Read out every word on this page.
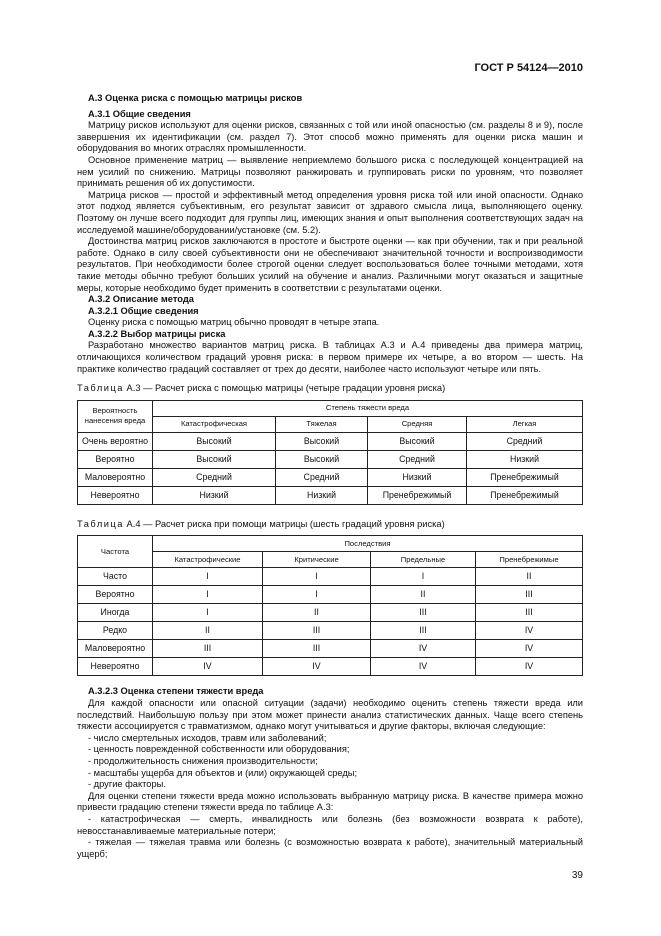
ГОСТ Р 54124—2010
А.3 Оценка риска с помощью матрицы рисков
А.3.1 Общие сведения

Матрицу рисков используют для оценки рисков, связанных с той или иной опасностью (см. разделы 8 и 9), после завершения их идентификации (см. раздел 7). Этот способ можно применять для оценки риска машин и оборудования во многих отраслях промышленности.

Основное применение матриц — выявление неприемлемо большого риска с последующей концентрацией на нем усилий по снижению. Матрицы позволяют ранжировать и группировать риски по уровням, что позволяет принимать решения об их допустимости.

Матрица рисков — простой и эффективный метод определения уровня риска той или иной опасности. Однако этот подход является субъективным, его результат зависит от здравого смысла лица, выполняющего оценку. Поэтому он лучше всего подходит для группы лиц, имеющих знания и опыт выполнения соответствующих задач на исследуемой машине/оборудовании/установке (см. 5.2).

Достоинства матриц рисков заключаются в простоте и быстроте оценки — как при обучении, так и при реальной работе. Однако в силу своей субъективности они не обеспечивают значительной точности и воспроизводимости результатов. При необходимости более строгой оценки следует воспользоваться более точными методами, хотя такие методы обычно требуют больших усилий на обучение и анализ. Различными могут оказаться и защитные меры, которые необходимо будет применить в соответствии с результатами оценки.

А.3.2 Описание метода
А.3.2.1 Общие сведения

Оценку риска с помощью матриц обычно проводят в четыре этапа.

А.3.2.2 Выбор матрицы риска

Разработано множество вариантов матриц риска. В таблицах А.3 и А.4 приведены два примера матриц, отличающихся количеством градаций уровня риска: в первом примере их четыре, а во втором — шесть. На практике количество градаций составляет от трех до десяти, наиболее часто используют четыре или пять.

Таблица А.3 — Расчет риска с помощью матрицы (четыре градации уровня риска)
Вероятность нанесения вреда	Степень тяжести вреда			
	Катастрофическая	Тяжелая	Средняя	Легкая
Очень вероятно	Высокий	Высокий	Высокий	Средний
Вероятно	Высокий	Высокий	Средний	Низкий
Маловероятно	Средний	Средний	Низкий	Пренебрежимый
Невероятно	Низкий	Низкий	Пренебрежимый	Пренебрежимый
Таблица А.4 — Расчет риска при помощи матрицы (шесть градаций уровня риска)
Частота	Последствия			
	Катастрофические	Критические	Предельные	Пренебрежимые
Часто	I	I	I	II
Вероятно	I	I	II	III
Иногда	I	II	III	III
Редко	II	III	III	IV
Маловероятно	III	III	IV	IV
Невероятно	IV	IV	IV	IV
А.3.2.3 Оценка степени тяжести вреда

Для каждой опасности или опасной ситуации (задачи) необходимо оценить степень тяжести вреда или последствий. Наибольшую пользу при этом может принести анализ статистических данных. Чаще всего степень тяжести ассоциируется с травматизмом, однако могут учитываться и другие факторы, включая следующие:

- число смертельных исходов, травм или заболеваний;

- ценность поврежденной собственности или оборудования;

- продолжительность снижения производительности;

- масштабы ущерба для объектов и (или) окружающей среды;

- другие факторы.

Для оценки степени тяжести вреда можно использовать выбранную матрицу риска. В качестве примера можно привести градацию степени тяжести вреда по таблице А.3:

- катастрофическая — смерть, инвалидность или болезнь (без возможности возврата к работе), невосстанавливаемые материальные потери;

- тяжелая — тяжелая травма или болезнь (с возможностью возврата к работе), значительный материальный ущерб;

39
